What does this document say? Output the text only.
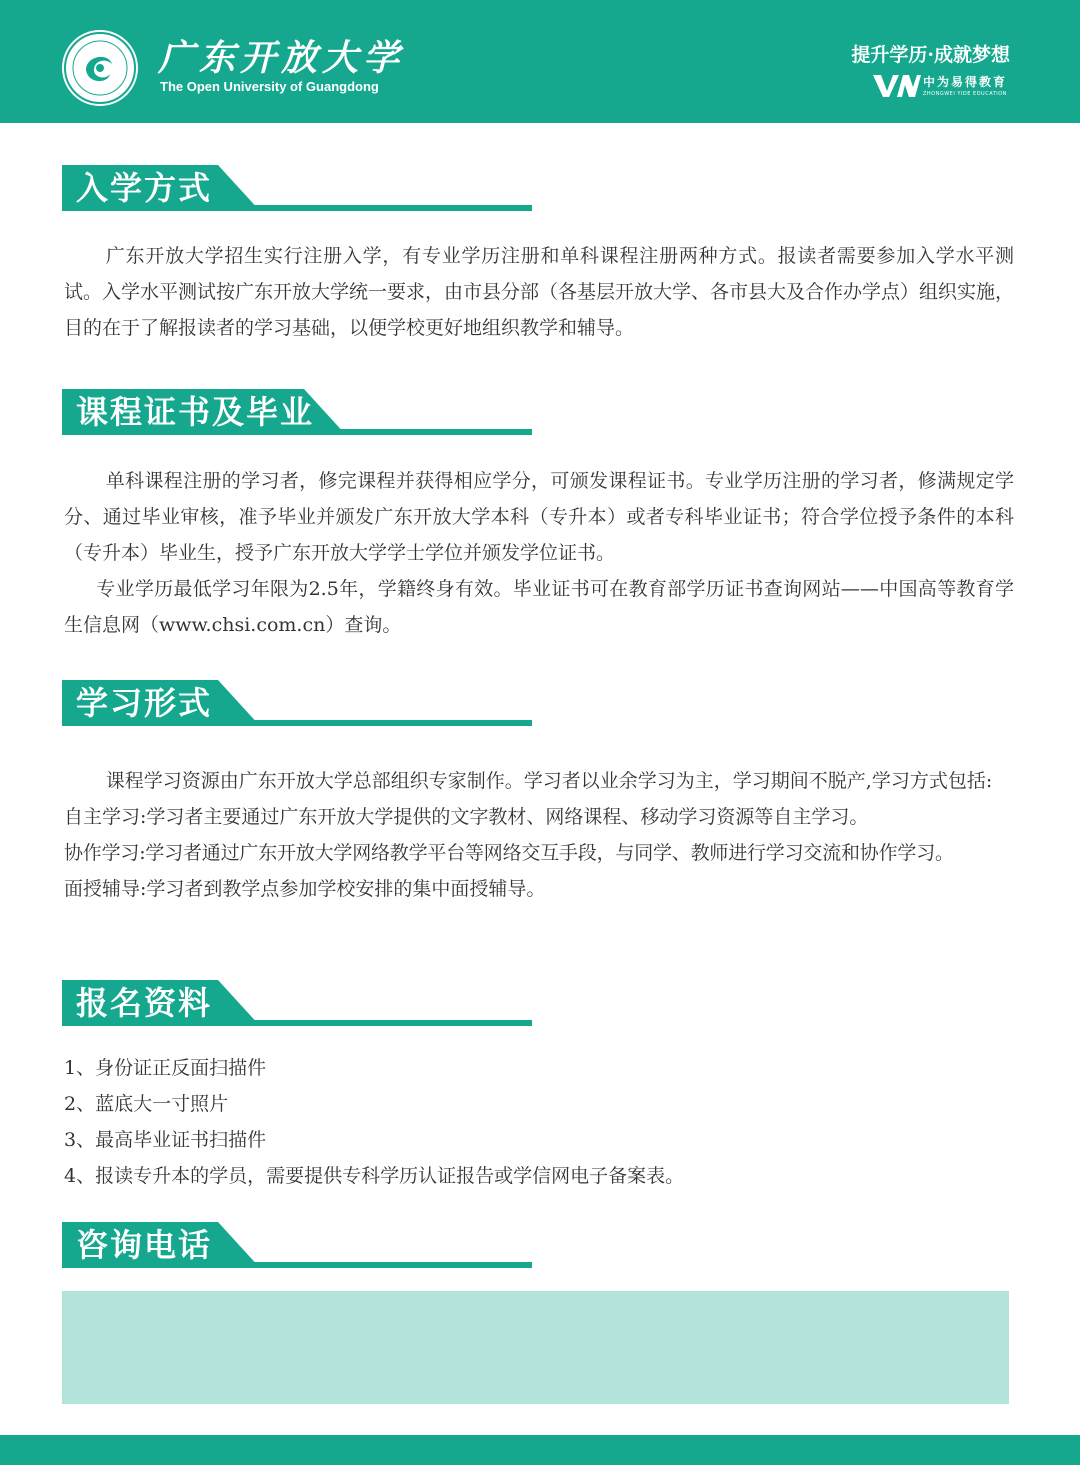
广东开放大学
The Open University of Guangdong
提升学历·成就梦想
中为易得教育
ZHONGWEI YIDE EDUCATION
入学方式

广东开放大学招生实行注册入学，有专业学历注册和单科课程注册两种方式。报读者需要参加入学水平测试。入学水平测试按广东开放大学统一要求，由市县分部（各基层开放大学、各市县大及合作办学点）组织实施，目的在于了解报读者的学习基础，以便学校更好地组织教学和辅导。

课程证书及毕业

单科课程注册的学习者，修完课程并获得相应学分，可颁发课程证书。专业学历注册的学习者，修满规定学分、通过毕业审核，准予毕业并颁发广东开放大学本科（专升本）或者专科毕业证书；符合学位授予条件的本科（专升本）毕业生，授予广东开放大学学士学位并颁发学位证书。

专业学历最低学习年限为2.5年，学籍终身有效。毕业证书可在教育部学历证书查询网站——中国高等教育学生信息网（www.chsi.com.cn）查询。

学习形式

课程学习资源由广东开放大学总部组织专家制作。学习者以业余学习为主，学习期间不脱产,学习方式包括:

自主学习:学习者主要通过广东开放大学提供的文字教材、网络课程、移动学习资源等自主学习。

协作学习:学习者通过广东开放大学网络教学平台等网络交互手段，与同学、教师进行学习交流和协作学习。

面授辅导:学习者到教学点参加学校安排的集中面授辅导。

报名资料
1、身份证正反面扫描件
2、蓝底大一寸照片
3、最高毕业证书扫描件
4、报读专升本的学员，需要提供专科学历认证报告或学信网电子备案表。
咨询电话
